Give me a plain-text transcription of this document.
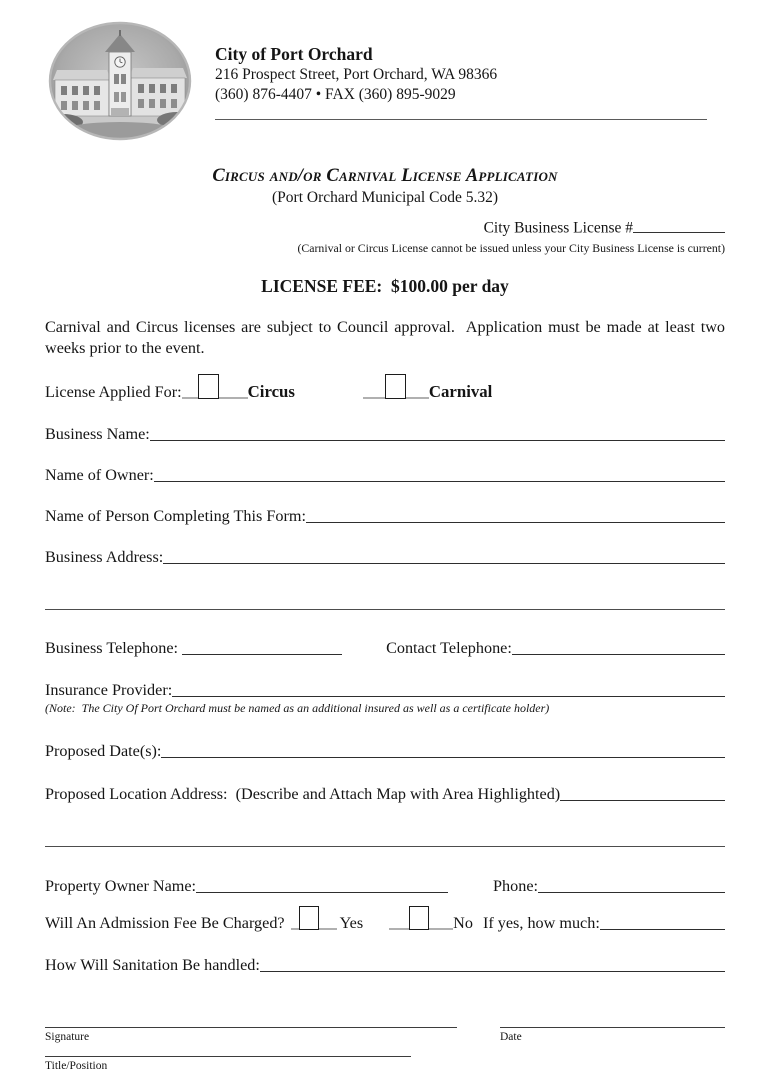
City of Port Orchard
216 Prospect Street, Port Orchard, WA 98366
(360) 876-4407 • FAX (360) 895-9029
Circus and/or Carnival License Application
(Port Orchard Municipal Code 5.32)
City Business License #
(Carnival or Circus License cannot be issued unless your City Business License is current)
LICENSE FEE:  $100.00 per day
Carnival and Circus licenses are subject to Council approval.  Application must be made at least two weeks prior to the event.
License Applied For:	Circus	Carnival
Business Name:
Name of Owner:
Name of Person Completing This Form:
Business Address:
Business Telephone:	Contact Telephone:
Insurance Provider:
(Note:  The City Of Port Orchard must be named as an additional insured as well as a certificate holder)
Proposed Date(s):
Proposed Location Address:  (Describe and Attach Map with Area Highlighted)
Property Owner Name:	Phone:
Will An Admission Fee Be Charged?	Yes	No If yes, how much:
How Will Sanitation Be handled:
Signature	Date
Title/Position
